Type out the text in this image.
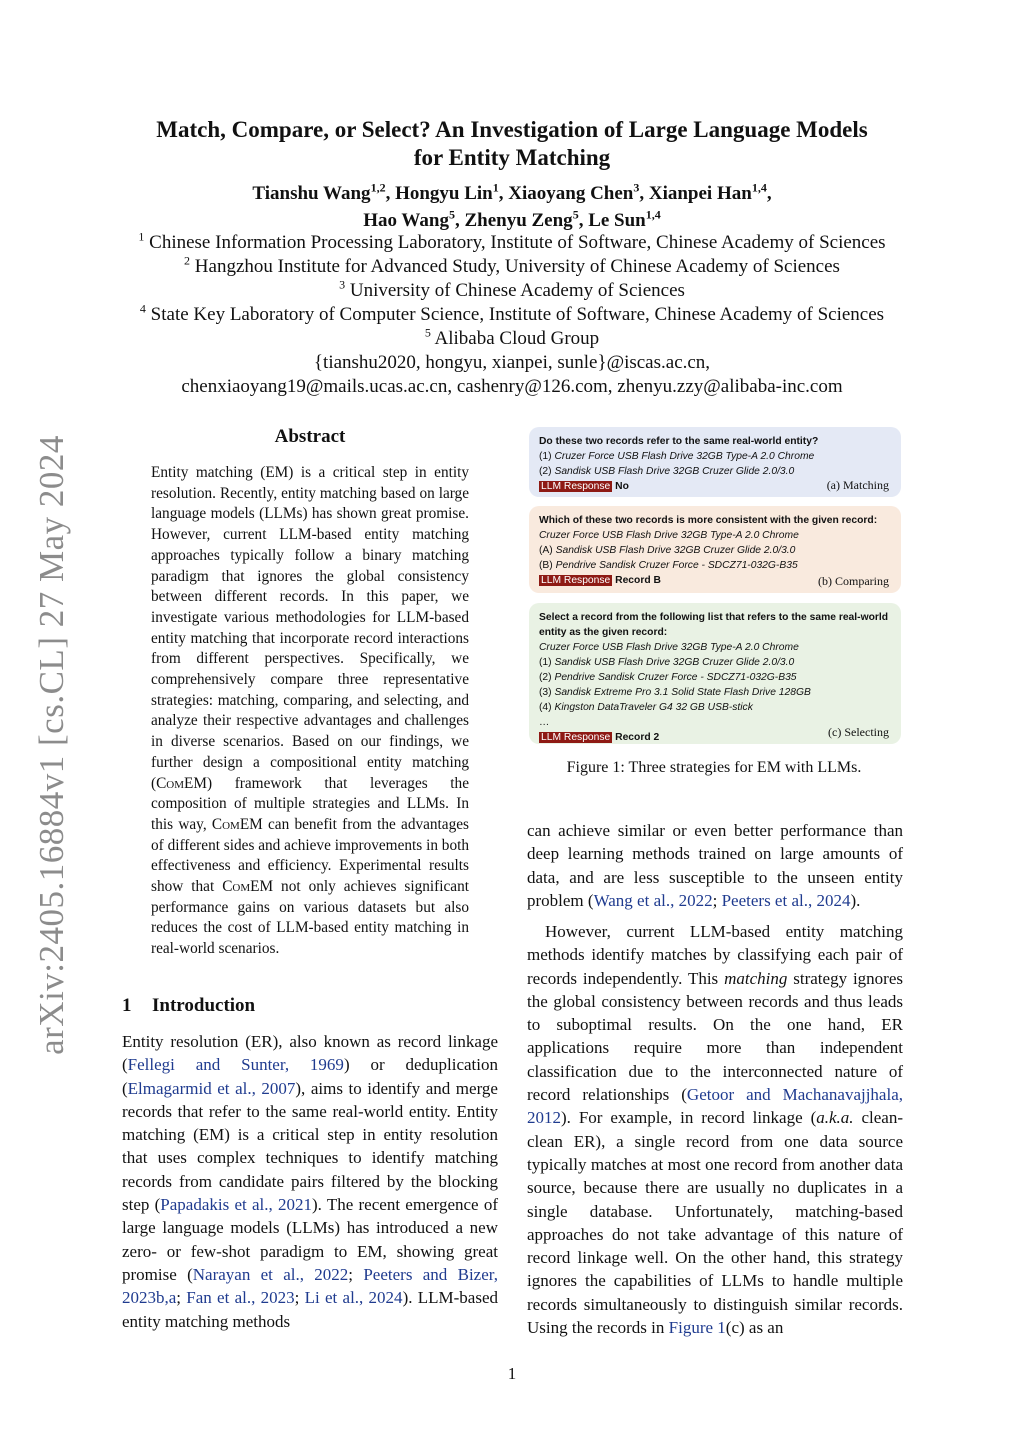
arXiv:2405.16884v1 [cs.CL] 27 May 2024
Match, Compare, or Select? An Investigation of Large Language Models
for Entity Matching
Tianshu Wang$^{1,2}$, Hongyu Lin$^1$, Xiaoyang Chen$^3$, Xianpei Han$^{1,4}$,
Hao Wang$^5$, Zhenyu Zeng$^5$, Le Sun$^{1,4}$
$^1$ Chinese Information Processing Laboratory, Institute of Software, Chinese Academy of Sciences
$^2$ Hangzhou Institute for Advanced Study, University of Chinese Academy of Sciences
$^3$ University of Chinese Academy of Sciences
$^4$ State Key Laboratory of Computer Science, Institute of Software, Chinese Academy of Sciences
$^5$ Alibaba Cloud Group
{tianshu2020, hongyu, xianpei, sunle}@iscas.ac.cn,
chenxiaoyang19@mails.ucas.ac.cn, cashenry@126.com, zhenyu.zzy@alibaba-inc.com
Abstract

Entity matching (EM) is a critical step in entity resolution. Recently, entity matching based on large language models (LLMs) has shown great promise. However, current LLM-based entity matching approaches typically follow a binary matching paradigm that ignores the global consistency between different records. In this paper, we investigate various methodologies for LLM-based entity matching that incorporate record interactions from different perspectives. Specifically, we comprehensively compare three representative strategies: matching, comparing, and selecting, and analyze their respective advantages and challenges in diverse scenarios. Based on our findings, we further design a compositional entity matching (ComEM) framework that leverages the composition of multiple strategies and LLMs. In this way, ComEM can benefit from the advantages of different sides and achieve improvements in both effectiveness and efficiency. Experimental results show that ComEM not only achieves significant performance gains on various datasets but also reduces the cost of LLM-based entity matching in real-world scenarios.

1 Introduction

Entity resolution (ER), also known as record linkage (Fellegi and Sunter, 1969) or deduplication (Elmagarmid et al., 2007), aims to identify and merge records that refer to the same real-world entity. Entity matching (EM) is a critical step in entity resolution that uses complex techniques to identify matching records from candidate pairs filtered by the blocking step (Papadakis et al., 2021). The recent emergence of large language models (LLMs) has introduced a new zero- or few-shot paradigm to EM, showing great promise (Narayan et al., 2022; Peeters and Bizer, 2023b,a; Fan et al., 2023; Li et al., 2024). LLM-based entity matching methods

Do these two records refer to the same real-world entity?
(1) Cruzer Force USB Flash Drive 32GB Type-A 2.0 Chrome
(2) Sandisk USB Flash Drive 32GB Cruzer Glide 2.0/3.0
LLM Response No	(a) Matching
Which of these two records is more consistent with the given record:
Cruzer Force USB Flash Drive 32GB Type-A 2.0 Chrome
(A) Sandisk USB Flash Drive 32GB Cruzer Glide 2.0/3.0
(B) Pendrive Sandisk Cruzer Force - SDCZ71-032G-B35
LLM Response Record B	(b) Comparing
Select a record from the following list that refers to the same real-world entity as the given record:
Cruzer Force USB Flash Drive 32GB Type-A 2.0 Chrome
(1) Sandisk USB Flash Drive 32GB Cruzer Glide 2.0/3.0
(2) Pendrive Sandisk Cruzer Force - SDCZ71-032G-B35
(3) Sandisk Extreme Pro 3.1 Solid State Flash Drive 128GB
(4) Kingston DataTraveler G4 32 GB USB-stick
…
LLM Response Record 2	(c) Selecting

Figure 1: Three strategies for EM with LLMs.

can achieve similar or even better performance than deep learning methods trained on large amounts of data, and are less susceptible to the unseen entity problem (Wang et al., 2022; Peeters et al., 2024).

However, current LLM-based entity matching methods identify matches by classifying each pair of records independently. This matching strategy ignores the global consistency between records and thus leads to suboptimal results. On the one hand, ER applications require more than independent classification due to the interconnected nature of record relationships (Getoor and Machanavajjhala, 2012). For example, in record linkage (a.k.a. clean-clean ER), a single record from one data source typically matches at most one record from another data source, because there are usually no duplicates in a single database. Unfortunately, matching-based approaches do not take advantage of this nature of record linkage well. On the other hand, this strategy ignores the capabilities of LLMs to handle multiple records simultaneously to distinguish similar records. Using the records in Figure 1(c) as an

1
